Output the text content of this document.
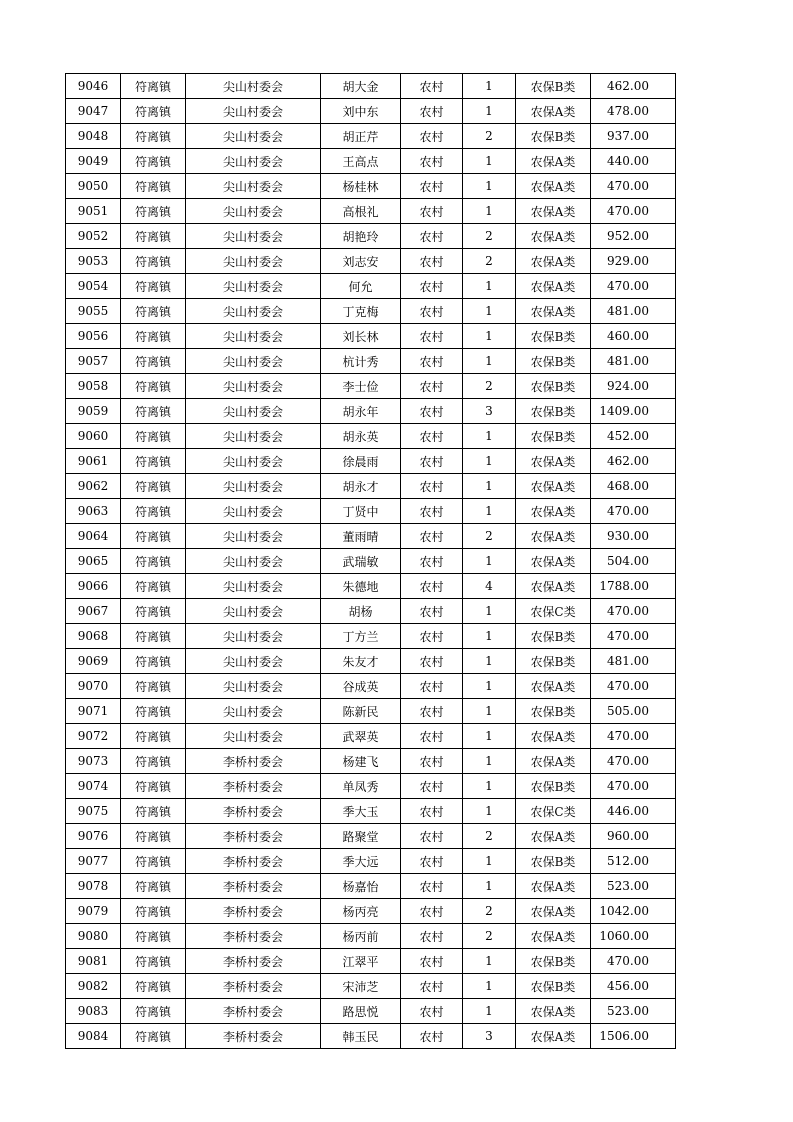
9046	符离镇	尖山村委会	胡大金	农村	1	农保B类	462.00
9047	符离镇	尖山村委会	刘中东	农村	1	农保A类	478.00
9048	符离镇	尖山村委会	胡正芹	农村	2	农保B类	937.00
9049	符离镇	尖山村委会	王高点	农村	1	农保A类	440.00
9050	符离镇	尖山村委会	杨桂林	农村	1	农保A类	470.00
9051	符离镇	尖山村委会	高根礼	农村	1	农保A类	470.00
9052	符离镇	尖山村委会	胡艳玲	农村	2	农保A类	952.00
9053	符离镇	尖山村委会	刘志安	农村	2	农保A类	929.00
9054	符离镇	尖山村委会	何允	农村	1	农保A类	470.00
9055	符离镇	尖山村委会	丁克梅	农村	1	农保A类	481.00
9056	符离镇	尖山村委会	刘长林	农村	1	农保B类	460.00
9057	符离镇	尖山村委会	杭计秀	农村	1	农保B类	481.00
9058	符离镇	尖山村委会	李士俭	农村	2	农保B类	924.00
9059	符离镇	尖山村委会	胡永年	农村	3	农保B类	1409.00
9060	符离镇	尖山村委会	胡永英	农村	1	农保B类	452.00
9061	符离镇	尖山村委会	徐晨雨	农村	1	农保A类	462.00
9062	符离镇	尖山村委会	胡永才	农村	1	农保A类	468.00
9063	符离镇	尖山村委会	丁贤中	农村	1	农保A类	470.00
9064	符离镇	尖山村委会	董雨晴	农村	2	农保A类	930.00
9065	符离镇	尖山村委会	武瑞敏	农村	1	农保A类	504.00
9066	符离镇	尖山村委会	朱德地	农村	4	农保A类	1788.00
9067	符离镇	尖山村委会	胡杨	农村	1	农保C类	470.00
9068	符离镇	尖山村委会	丁方兰	农村	1	农保B类	470.00
9069	符离镇	尖山村委会	朱友才	农村	1	农保B类	481.00
9070	符离镇	尖山村委会	谷成英	农村	1	农保A类	470.00
9071	符离镇	尖山村委会	陈新民	农村	1	农保B类	505.00
9072	符离镇	尖山村委会	武翠英	农村	1	农保A类	470.00
9073	符离镇	李桥村委会	杨建飞	农村	1	农保A类	470.00
9074	符离镇	李桥村委会	单凤秀	农村	1	农保B类	470.00
9075	符离镇	李桥村委会	季大玉	农村	1	农保C类	446.00
9076	符离镇	李桥村委会	路聚堂	农村	2	农保A类	960.00
9077	符离镇	李桥村委会	季大远	农村	1	农保B类	512.00
9078	符离镇	李桥村委会	杨嘉怡	农村	1	农保A类	523.00
9079	符离镇	李桥村委会	杨丙亮	农村	2	农保A类	1042.00
9080	符离镇	李桥村委会	杨丙前	农村	2	农保A类	1060.00
9081	符离镇	李桥村委会	江翠平	农村	1	农保B类	470.00
9082	符离镇	李桥村委会	宋沛芝	农村	1	农保B类	456.00
9083	符离镇	李桥村委会	路思悦	农村	1	农保A类	523.00
9084	符离镇	李桥村委会	韩玉民	农村	3	农保A类	1506.00
